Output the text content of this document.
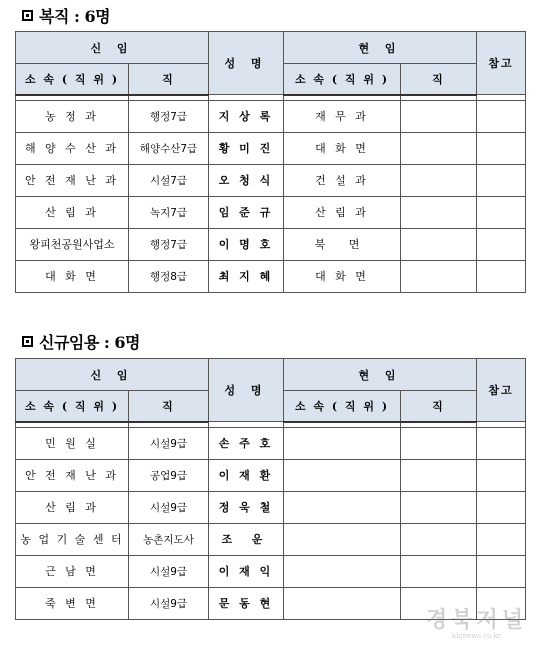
복직 : 6명
신 임		성 명	현 임		참고
소 속 ( 직 위 )	직		소 속 ( 직 위 )	직	

농 정 과	행정7급	지 상 록	재 무 과		
해 양 수 산 과	해양수산7급	황 미 진	대 화 면		
안 전 재 난 과	시설7급	오 청 식	건 설 과		
산 림 과	녹지7급	임 준 규	산 림 과		
왕피천공원사업소	행정7급	이 명 호	북 면		
대 화 면	행정8급	최 지 혜	대 화 면		
신규임용 : 6명
신 임		성 명	현 임		참고
소 속 ( 직 위 )	직		소 속 ( 직 위 )	직	

민 원 실	시설9급	손 주 호			
안 전 재 난 과	공업9급	이 재 환			
산 림 과	시설9급	정 욱 철			
농 업 기 술 센 터	농촌지도사	조 운			
근 남 면	시설9급	이 재 익			
죽 변 면	시설9급	문 동 현			
경북저널
kbjnews.co.kr
